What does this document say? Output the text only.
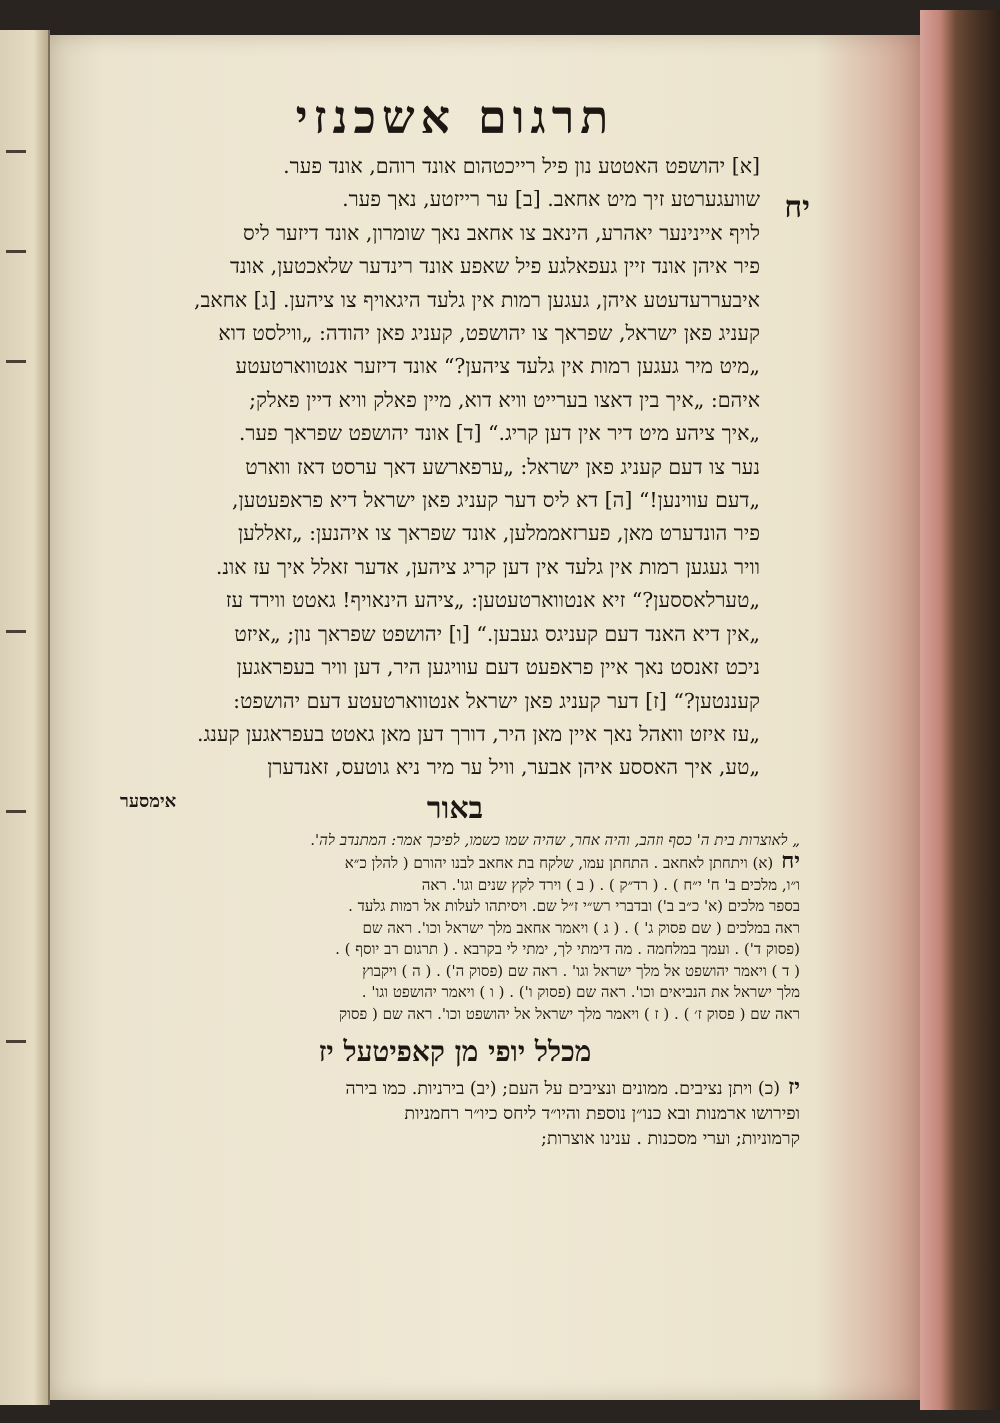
תרגום אשכנזי
יח
[א] יהושפט האטטע נון פיל רייכטהום אונד רוהם, אונד פער.
שוועגערטע זיך מיט אחאב. [ב] ער רייזטע, נאך פער.
לויף איינינער יאהרע, הינאב צו אחאב נאך שומרון, אונד דיזער ליס
פיר איהן אונד זיין געפאלגע פיל שאפע אונד רינדער שלאכטען, אונד
איבעררעדעטע איהן, געגען רמות אין גלעד היגאויף צו ציהען. [ג] אחאב,
קעניג פאן ישראל, שפראך צו יהושפט, קעניג פאן יהודה: „ווילסט דוא
„מיט מיר געגען רמות אין גלעד ציהען?“ אונד דיזער אנטווארטעטע
איהם: „איך בין דאצו בערייט וויא דוא, מיין פאלק וויא דיין פאלק;
„איך ציהע מיט דיר אין דען קריג.“ [ד] אונד יהושפט שפראך פער.
נער צו דעם קעניג פאן ישראל: „ערפארשע דאך ערסט דאז ווארט
„דעם עווינען!“ [ה] דא ליס דער קעניג פאן ישראל דיא פראפעטען,
פיר הונדערט מאן, פערזאממלען, אונד שפראך צו איהנען: „זאללען
וויר געגען רמות אין גלעד אין דען קריג ציהען, אדער זאלל איך עז אונ.
„טערלאססען?“ זיא אנטווארטעטען: „ציהע הינאויף! גאטט ווירד עז
„אין דיא האנד דעם קעניגס געבען.“ [ו] יהושפט שפראך נון; „איזט
ניכט זאנסט נאך איין פראפעט דעם עוויגען היר, דען וויר בעפראגען
קעננטען?“ [ז] דער קעניג פאן ישראל אנטווארטעטע דעם יהושפט:
„עז איזט וואהל נאך איין מאן היר, דורך דען מאן גאטט בעפראגען קענג.
„טע, איך האססע איהן אבער, וויל ער מיר ניא גוטעס, זאנדערן
באור
אימסער
„ לאוצרות בית ה' כסף וזהב, והיה אחר, שהיה שמו כשמו, לפיכך אמר: המתנדב לה'.
יח(א) ויתחתן לאחאב . התחתן עמו, שלקח בת אחאב לבנו יהורם ( להלן כ״א
ו״ו, מלכים ב' ח' י״ח ) . ( רד״ק ) . ( ב ) וירד לקץ שנים וגו'. ראה
בספר מלכים (א' כ״ב ב') ובדברי רש״י ז״ל שם. ויסיתהו לעלות אל רמות גלעד .
ראה במלכים ( שם פסוק ג' ) . ( ג ) ויאמר אחאב מלך ישראל וכו'. ראה שם
(פסוק ד') . ועמך במלחמה . מה דימתי לך, ימתי לי בקרבא . ( תרגום רב יוסף ) .
( ד ) ויאמר יהושפט אל מלך ישראל וגו' . ראה שם (פסוק ה') . ( ה ) ויקבוץ
מלך ישראל את הנביאים וכו'. ראה שם (פסוק ו') . ( ו ) ויאמר יהושפט וגו' .
ראה שם ( פסוק ז׳ ) . ( ז ) ויאמר מלך ישראל אל יהושפט וכו'. ראה שם ( פסוק
מכלל יופי מן קאפיטעל יז
יז(כ) ויתן נציבים. ממונים ונציבים על העם; (יב) בירניות. כמו בירה
ופירושו ארמנות ובא כנו״ן נוספת והיו״ד ליחס כיו״ר רחמניות
קרמוניות; וערי מסכנות . ענינו אוצרות;
